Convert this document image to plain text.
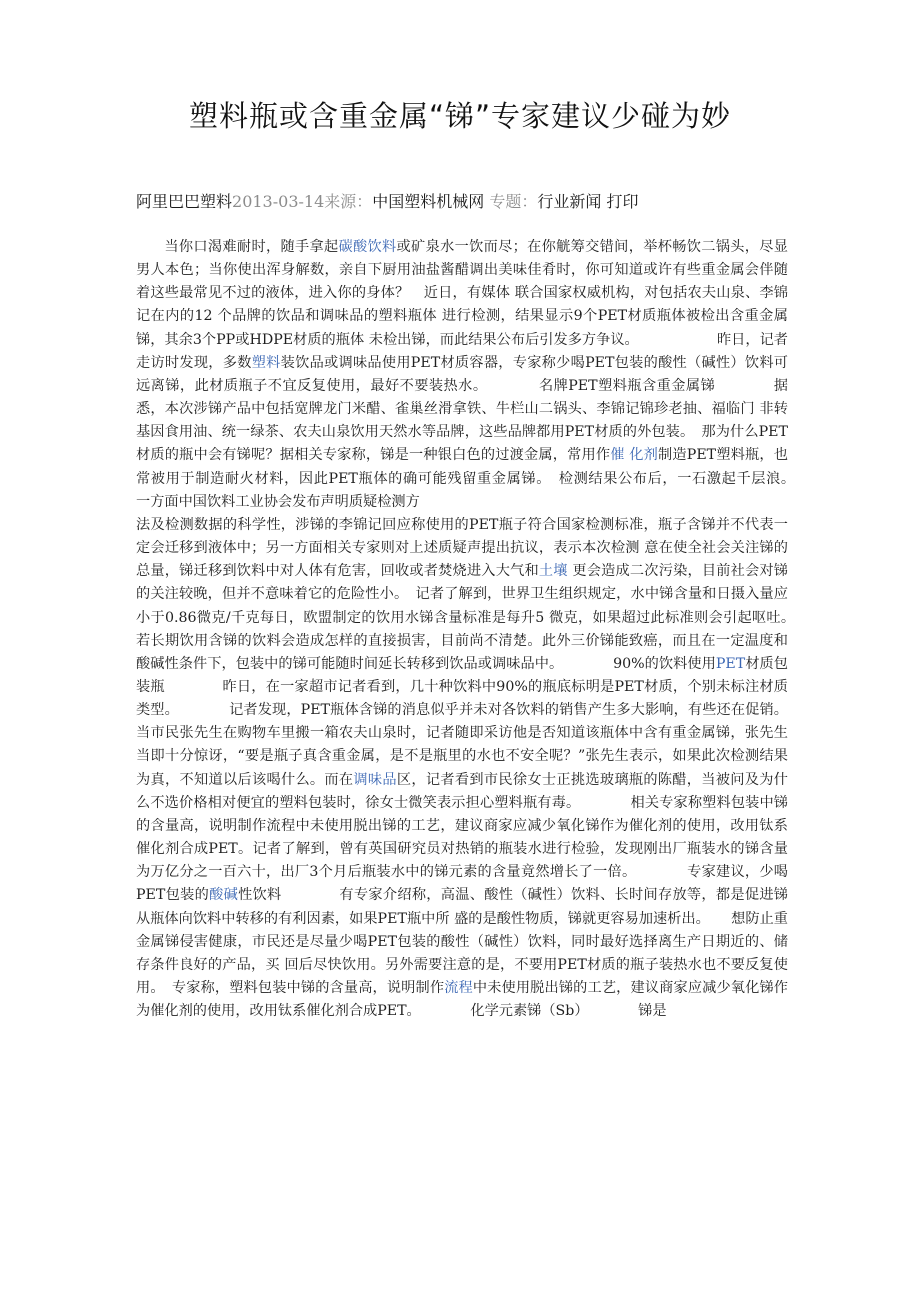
塑料瓶或含重金属“锑”专家建议少碰为妙
阿里巴巴塑料2013-03-14来源：中国塑料机械网 专题：行业新闻 打印

当你口渴难耐时，随手拿起碳酸饮料或矿泉水一饮而尽；在你觥筹交错间，举杯畅饮二锅头，尽显男人本色；当你使出浑身解数，亲自下厨用油盐酱醋调出美味佳肴时，你可知道或许有些重金属会伴随着这些最常见不过的液体，进入你的身体？　近日，有媒体 联合国家权威机构，对包括农夫山泉、李锦记在内的12 个品牌的饮品和调味品的塑料瓶体 进行检测，结果显示9个PET材质瓶体被检出含重金属锑，其余3个PP或HDPE材质的瓶体 未检出锑，而此结果公布后引发多方争议。　　　　　　昨日，记者走访时发现，多数塑料装饮品或调味品使用PET材质容器，专家称少喝PET包装的酸性（碱性）饮料可远离锑，此材质瓶子不宜反复使用，最好不要装热水。　　　　名牌PET塑料瓶含重金属锑　　　　据悉，本次涉锑产品中包括宽牌龙门米醋、雀巢丝滑拿铁、牛栏山二锅头、李锦记锦珍老抽、福临门 非转基因食用油、统一绿茶、农夫山泉饮用天然水等品牌，这些品牌都用PET材质的外包装。　那为什么PET材质的瓶中会有锑呢？据相关专家称，锑是一种银白色的过渡金属，常用作催 化剂制造PET塑料瓶，也常被用于制造耐火材料，因此PET瓶体的确可能残留重金属锑。　检测结果公布后，一石激起千层浪。　一方面中国饮料工业协会发布声明质疑检测方

法及检测数据的科学性，涉锑的李锦记回应称使用的PET瓶子符合国家检测标准，瓶子含锑并不代表一定会迁移到液体中；另一方面相关专家则对上述质疑声提出抗议，表示本次检测 意在使全社会关注锑的总量，锑迁移到饮料中对人体有危害，回收或者焚烧进入大气和土壤 更会造成二次污染，目前社会对锑的关注较晚，但并不意味着它的危险性小。　记者了解到，世界卫生组织规定，水中锑含量和日摄入量应小于0.86微克/千克每日，欧盟制定的饮用水锑含量标准是每升5 微克，如果超过此标准则会引起呕吐。　　　　若长期饮用含锑的饮料会造成怎样的直接损害，目前尚不清楚。此外三价锑能致癌，而且在一定温度和酸碱性条件下，包装中的锑可能随时间延长转移到饮品或调味品中。　　　　90%的饮料使用PET材质包装瓶　　　　昨日，在一家超市记者看到，几十种饮料中90%的瓶底标明是PET材质，个别未标注材质类型。　　　　记者发现，PET瓶体含锑的消息似乎并未对各饮料的销售产生多大影响，有些还在促销。当市民张先生在购物车里搬一箱农夫山泉时，记者随即采访他是否知道该瓶体中含有重金属锑，张先生当即十分惊讶，“要是瓶子真含重金属，是不是瓶里的水也不安全呢？”张先生表示，如果此次检测结果为真，不知道以后该喝什么。而在调味品区，记者看到市民徐女士正挑选玻璃瓶的陈醋，当被问及为什么不选价格相对便宜的塑料包装时，徐女士微笑表示担心塑料瓶有毒。　　　　相关专家称塑料包装中锑的含量高，说明制作流程中未使用脱出锑的工艺，建议商家应减少氧化锑作为催化剂的使用，改用钛系催化剂合成PET。记者了解到，曾有英国研究员对热销的瓶装水进行检验，发现刚出厂瓶装水的锑含量为万亿分之一百六十，出厂3个月后瓶装水中的锑元素的含量竟然增长了一倍。　　　　专家建议，少喝PET包装的酸碱性饮料　　　　有专家介绍称，高温、酸性（碱性）饮料、长时间存放等，都是促进锑从瓶体向饮料中转移的有利因素，如果PET瓶中所 盛的是酸性物质，锑就更容易加速析出。　　想防止重金属锑侵害健康，市民还是尽量少喝PET包装的酸性（碱性）饮料，同时最好选择离生产日期近的、储存条件良好的产品，买 回后尽快饮用。另外需要注意的是，不要用PET材质的瓶子装热水也不要反复使用。　专家称，塑料包装中锑的含量高，说明制作流程中未使用脱出锑的工艺，建议商家应减少氧化锑作为催化剂的使用，改用钛系催化剂合成PET。　　　　化学元素锑（Sb）　　　　锑是
